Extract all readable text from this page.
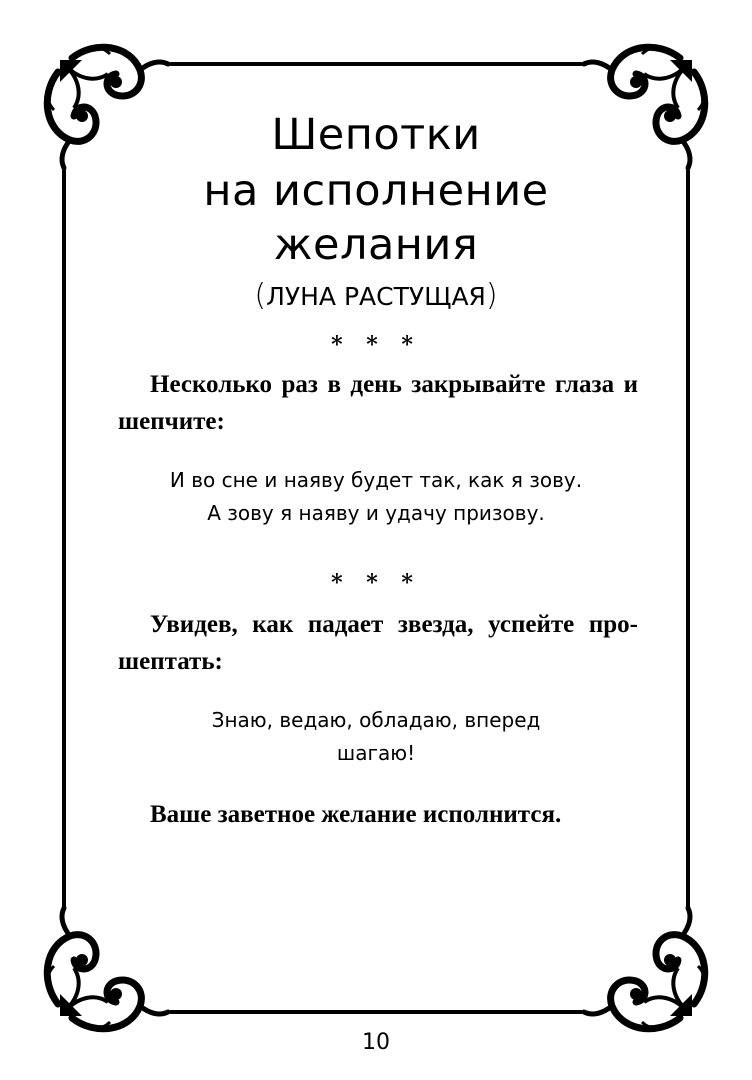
Шепотки
на исполнение
желания
(ЛУНА РАСТУЩАЯ)
* * *
Несколько раз в день закрывайте глаза и
шепчите:
И во сне и наяву будет так, как я зову.
А зову я наяву и удачу призову.
* * *
Увидев, как падает звезда, успейте про-
шептать:
Знаю, ведаю, обладаю, вперед
шагаю!
Ваше заветное желание исполнится.
10
